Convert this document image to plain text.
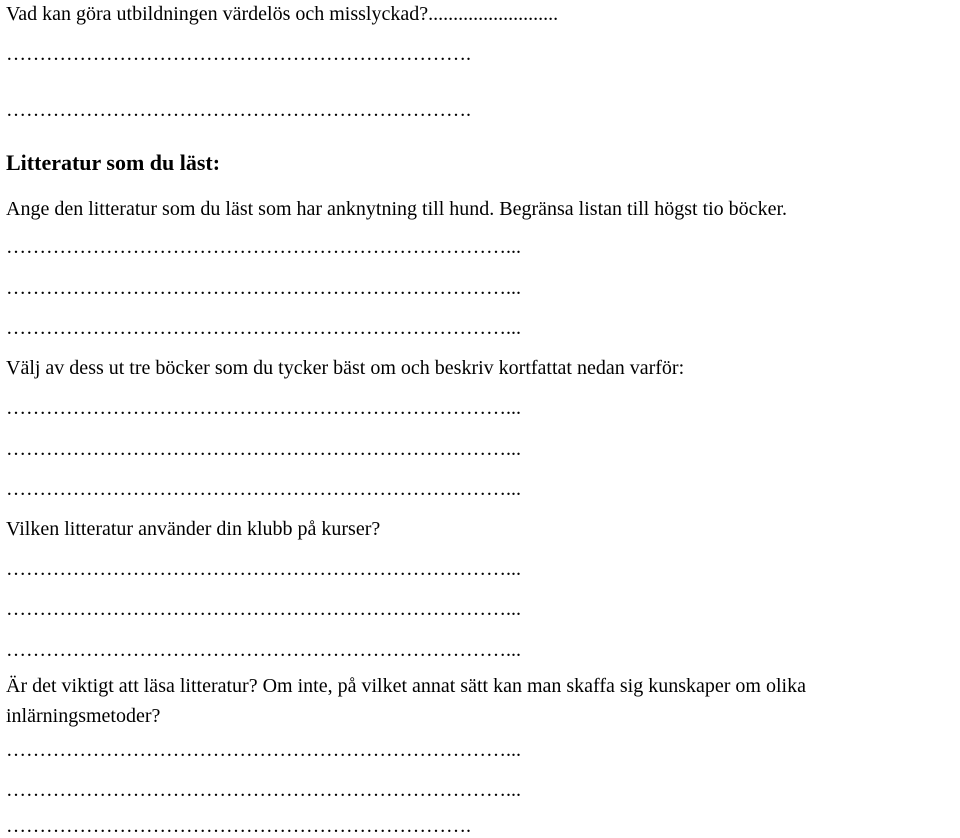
Vad kan göra utbildningen värdelös och misslyckad?..........................
…………………………………………………………….
…………………………………………………………….
Litteratur som du läst:
Ange den litteratur som du läst som har anknytning till hund. Begränsa listan till högst tio böcker.
…………………………………………………………………...
…………………………………………………………………...
…………………………………………………………………...
Välj av dess ut tre böcker som du tycker bäst om och beskriv kortfattat nedan varför:
…………………………………………………………………...
…………………………………………………………………...
…………………………………………………………………...
Vilken litteratur använder din klubb på kurser?
…………………………………………………………………...
…………………………………………………………………...
…………………………………………………………………...
Är det viktigt att läsa litteratur? Om inte, på vilket annat sätt kan man skaffa sig kunskaper om olika
inlärningsmetoder?
…………………………………………………………………...
…………………………………………………………………...
…………………………………………………………….
